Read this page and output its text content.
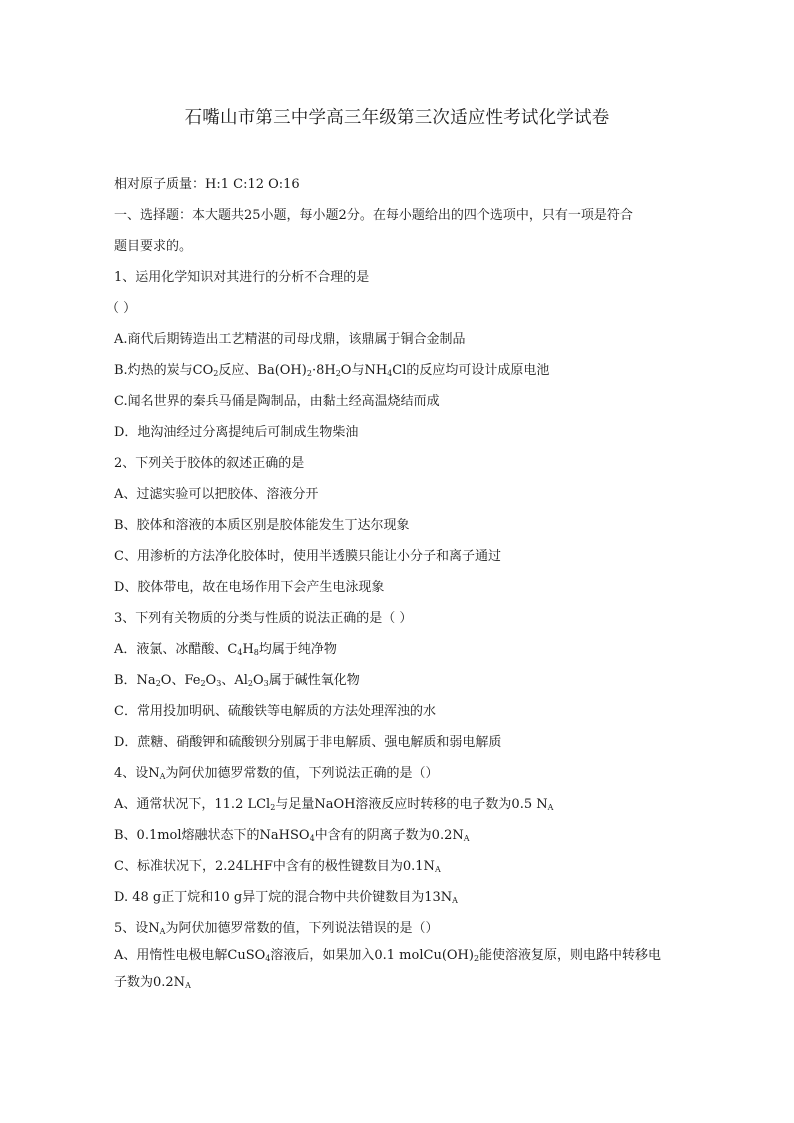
石嘴山市第三中学高三年级第三次适应性考试化学试卷
相对原子质量：H:1 C:12 O:16
一、选择题：本大题共25小题，每小题2分。在每小题给出的四个选项中，只有一项是符合
题目要求的。
1、运用化学知识对其进行的分析不合理的是
（ ）
A.商代后期铸造出工艺精湛的司母戊鼎，该鼎属于铜合金制品
B.灼热的炭与$CO_2$反应、$Ba(OH)_2\cdot 8H_2O$与$NH_4Cl$的反应均可设计成原电池
C.闻名世界的秦兵马俑是陶制品，由黏土经高温烧结而成
D．地沟油经过分离提纯后可制成生物柴油
2、下列关于胶体的叙述正确的是
A、过滤实验可以把胶体、溶液分开
B、胶体和溶液的本质区别是胶体能发生丁达尔现象
C、用渗析的方法净化胶体时，使用半透膜只能让小分子和离子通过
D、胶体带电，故在电场作用下会产生电泳现象
3、下列有关物质的分类与性质的说法正确的是（ ）
A．液氯、冰醋酸、$C_4H_8$均属于纯净物
B．$Na_2O$、$Fe_2O_3$、$Al_2O_3$属于碱性氧化物
C．常用投加明矾、硫酸铁等电解质的方法处理浑浊的水
D．蔗糖、硝酸钾和硫酸钡分别属于非电解质、强电解质和弱电解质
4、设$N_A$为阿伏加德罗常数的值，下列说法正确的是（）
A、通常状况下，11.2 LCl$_2$与足量NaOH溶液反应时转移的电子数为0.5 $N_A$
B、0.1mol熔融状态下的NaHSO$_4$中含有的阴离子数为$0.2N_A$
C、标准状况下，2.24LHF中含有的极性键数目为$0.1N_A$
D. 48 g正丁烷和10 g异丁烷的混合物中共价键数目为$13N_A$
5、设$N_A$为阿伏加德罗常数的值，下列说法错误的是（）
A、用惰性电极电解CuSO$_4$溶液后，如果加入0.1 $molCu(OH)_2$能使溶液复原，则电路中转移电
子数为$0.2N_A$
